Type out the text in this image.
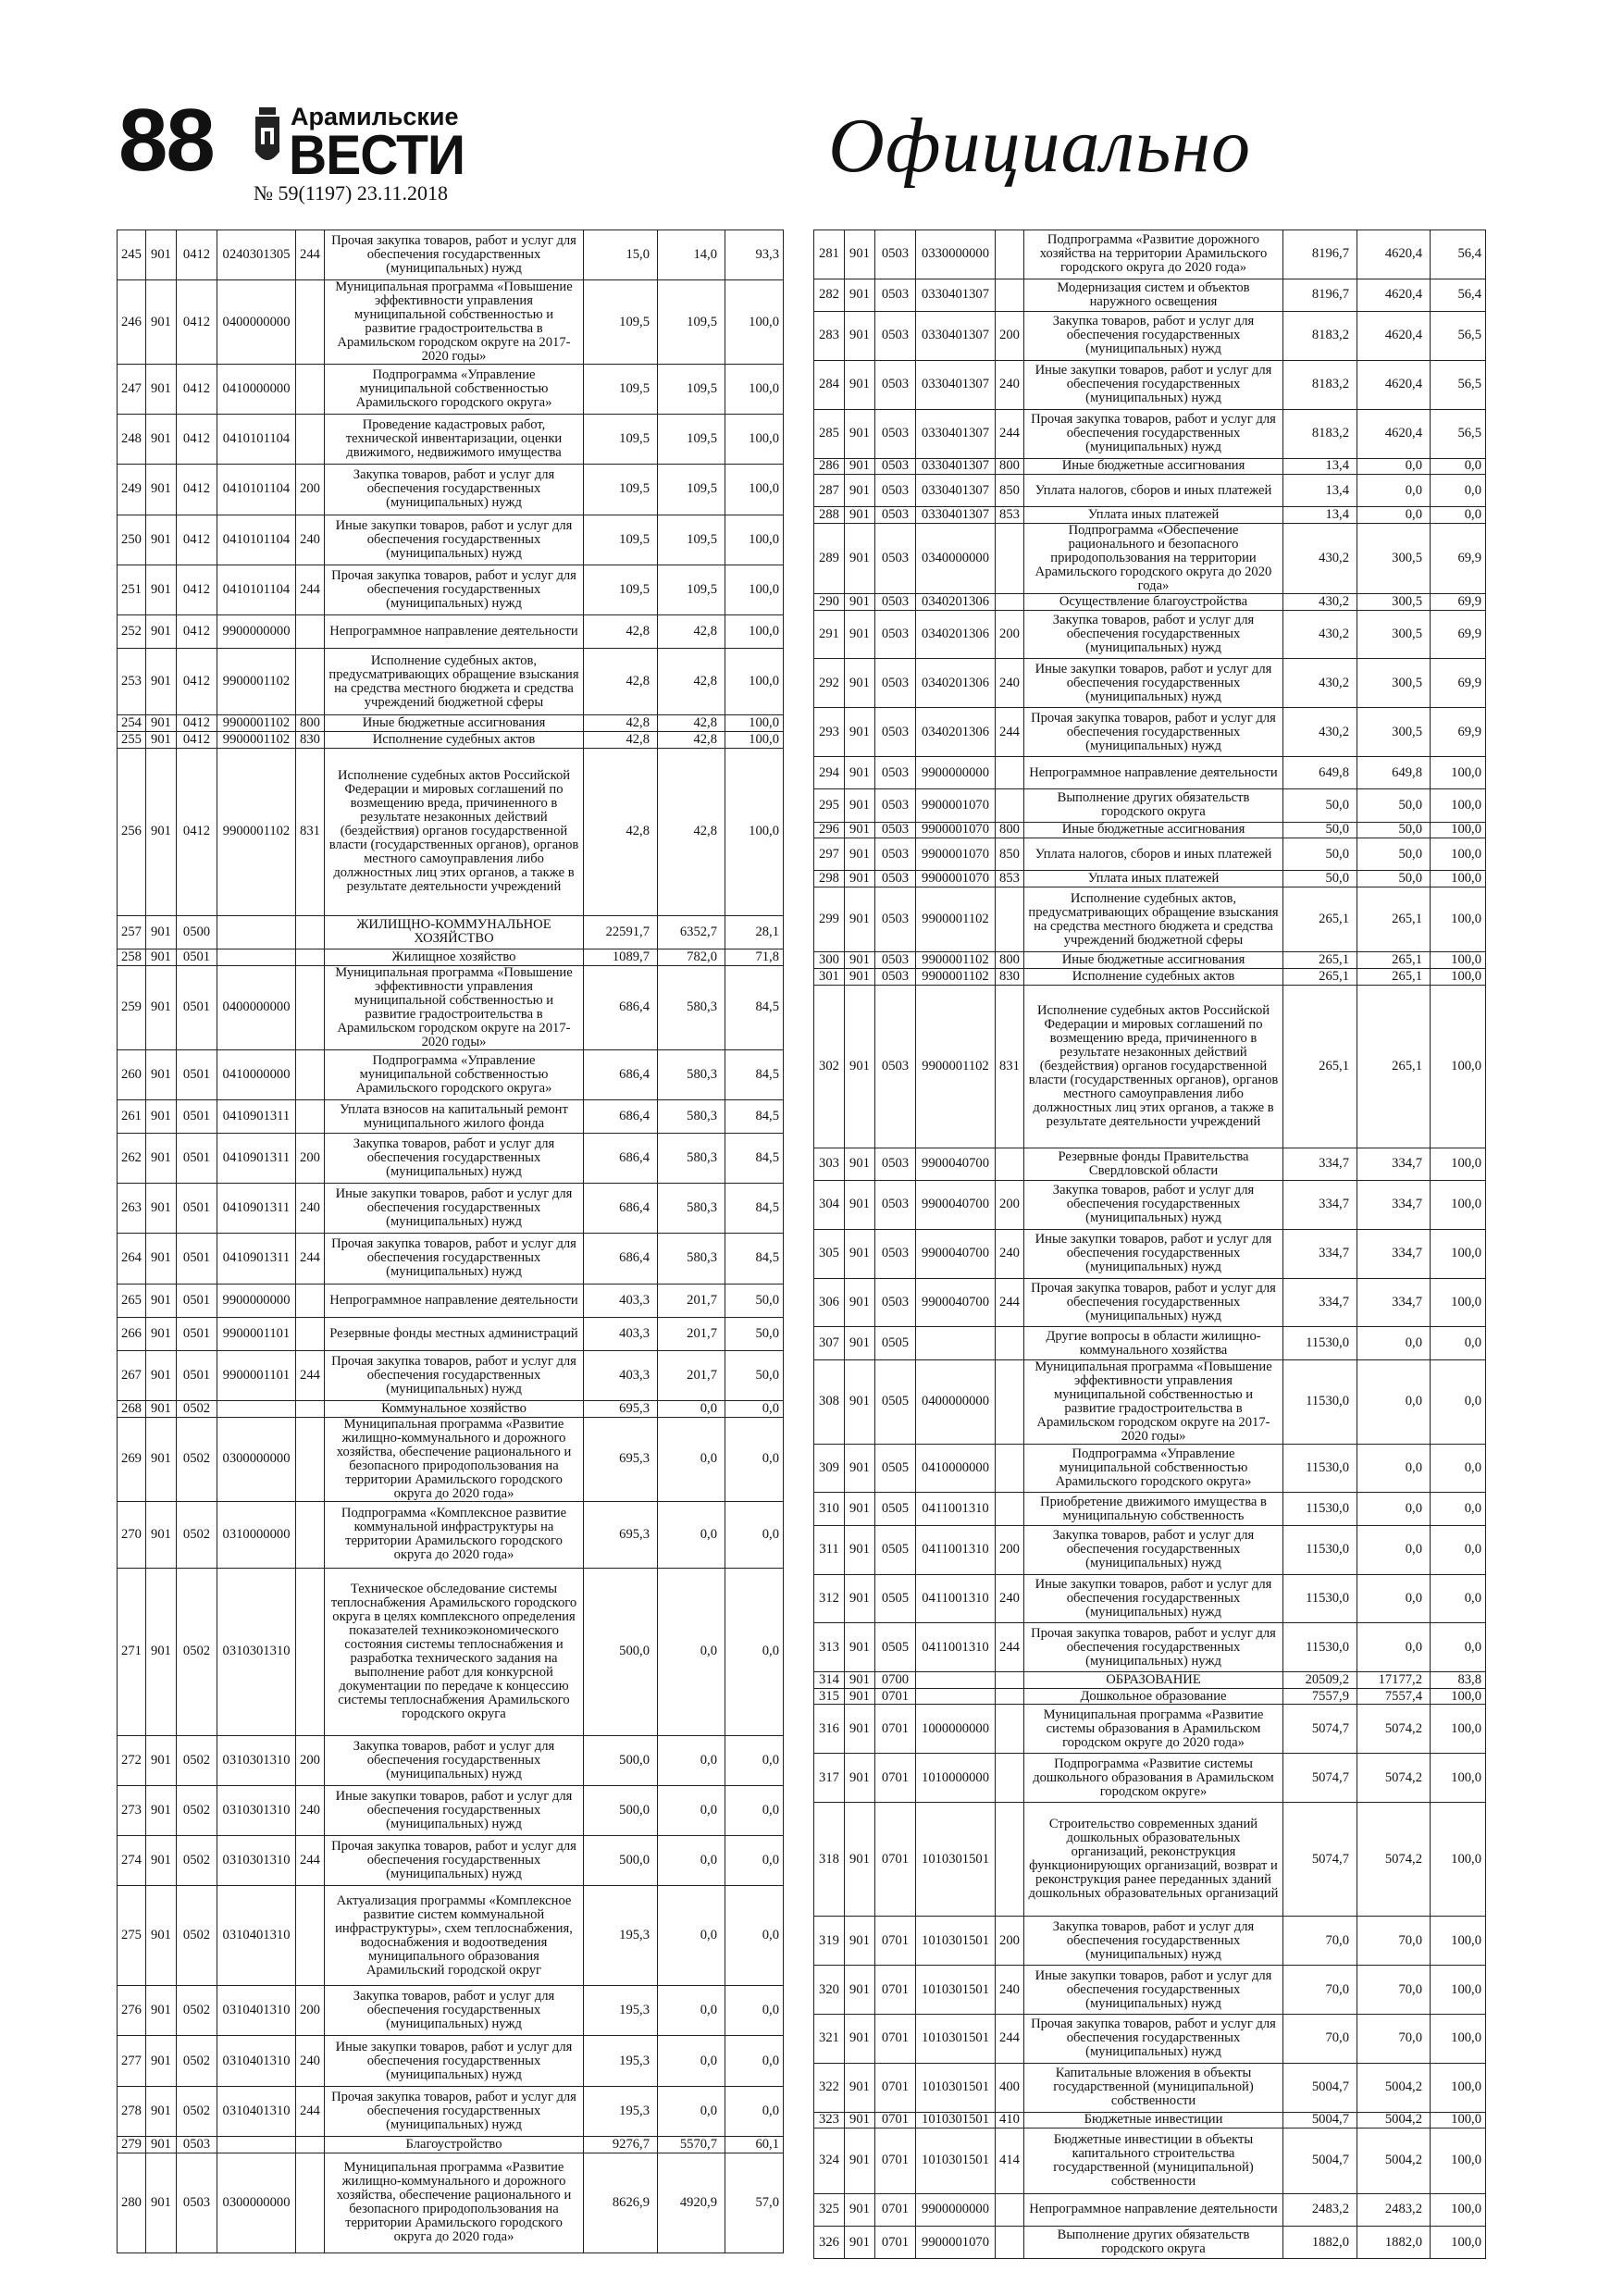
88	Арамильские
ВЕСТИ
№ 59(1197) 23.11.2018
Официально
245	901	0412	0240301305	244	Прочая закупка товаров, работ и услуг для обеспечения государственных (муниципальных) нужд	15,0	14,0	93,3
246	901	0412	0400000000		Муниципальная программа «Повышение эффективности управления муниципальной собственностью и развитие градостроительства в Арамильском городском округе на 2017-2020 годы»	109,5	109,5	100,0
247	901	0412	0410000000		Подпрограмма «Управление муниципальной собственностью Арамильского городского округа»	109,5	109,5	100,0
248	901	0412	0410101104		Проведение кадастровых работ, технической инвентаризации, оценки движимого, недвижимого имущества	109,5	109,5	100,0
249	901	0412	0410101104	200	Закупка товаров, работ и услуг для обеспечения государственных (муниципальных) нужд	109,5	109,5	100,0
250	901	0412	0410101104	240	Иные закупки товаров, работ и услуг для обеспечения государственных (муниципальных) нужд	109,5	109,5	100,0
251	901	0412	0410101104	244	Прочая закупка товаров, работ и услуг для обеспечения государственных (муниципальных) нужд	109,5	109,5	100,0
252	901	0412	9900000000		Непрограммное направление деятельности	42,8	42,8	100,0
253	901	0412	9900001102		Исполнение судебных актов, предусматривающих обращение взыскания на средства местного бюджета и средства учреждений бюджетной сферы	42,8	42,8	100,0
254	901	0412	9900001102	800	Иные бюджетные ассигнования	42,8	42,8	100,0
255	901	0412	9900001102	830	Исполнение судебных актов	42,8	42,8	100,0
256	901	0412	9900001102	831	Исполнение судебных актов Российской Федерации и мировых соглашений по возмещению вреда, причиненного в результате незаконных действий (бездействия) органов государственной власти (государственных органов), органов местного самоуправления либо должностных лиц этих органов, а также в результате деятельности учреждений	42,8	42,8	100,0
257	901	0500			ЖИЛИЩНО-КОММУНАЛЬНОЕ ХОЗЯЙСТВО	22591,7	6352,7	28,1
258	901	0501			Жилищное хозяйство	1089,7	782,0	71,8
259	901	0501	0400000000		Муниципальная программа «Повышение эффективности управления муниципальной собственностью и развитие градостроительства в Арамильском городском округе на 2017-2020 годы»	686,4	580,3	84,5
260	901	0501	0410000000		Подпрограмма «Управление муниципальной собственностью Арамильского городского округа»	686,4	580,3	84,5
261	901	0501	0410901311		Уплата взносов на капитальный ремонт муниципального жилого фонда	686,4	580,3	84,5
262	901	0501	0410901311	200	Закупка товаров, работ и услуг для обеспечения государственных (муниципальных) нужд	686,4	580,3	84,5
263	901	0501	0410901311	240	Иные закупки товаров, работ и услуг для обеспечения государственных (муниципальных) нужд	686,4	580,3	84,5
264	901	0501	0410901311	244	Прочая закупка товаров, работ и услуг для обеспечения государственных (муниципальных) нужд	686,4	580,3	84,5
265	901	0501	9900000000		Непрограммное направление деятельности	403,3	201,7	50,0
266	901	0501	9900001101		Резервные фонды местных администраций	403,3	201,7	50,0
267	901	0501	9900001101	244	Прочая закупка товаров, работ и услуг для обеспечения государственных (муниципальных) нужд	403,3	201,7	50,0
268	901	0502			Коммунальное хозяйство	695,3	0,0	0,0
269	901	0502	0300000000		Муниципальная программа «Развитие жилищно-коммунального и дорожного хозяйства, обеспечение рационального и безопасного природопользования на территории Арамильского городского округа до 2020 года»	695,3	0,0	0,0
270	901	0502	0310000000		Подпрограмма «Комплексное развитие коммунальной инфраструктуры на территории Арамильского городского округа до 2020 года»	695,3	0,0	0,0
271	901	0502	0310301310		Техническое обследование системы теплоснабжения Арамильского городского округа в целях комплексного определения показателей техникоэкономического состояния системы теплоснабжения и разработка технического задания на выполнение работ для конкурсной документации по передаче к концессию системы теплоснабжения Арамильского городского округа	500,0	0,0	0,0
272	901	0502	0310301310	200	Закупка товаров, работ и услуг для обеспечения государственных (муниципальных) нужд	500,0	0,0	0,0
273	901	0502	0310301310	240	Иные закупки товаров, работ и услуг для обеспечения государственных (муниципальных) нужд	500,0	0,0	0,0
274	901	0502	0310301310	244	Прочая закупка товаров, работ и услуг для обеспечения государственных (муниципальных) нужд	500,0	0,0	0,0
275	901	0502	0310401310		Актуализация программы «Комплексное развитие систем коммунальной инфраструктуры», схем теплоснабжения, водоснабжения и водоотведения муниципального образования Арамильский городской округ	195,3	0,0	0,0
276	901	0502	0310401310	200	Закупка товаров, работ и услуг для обеспечения государственных (муниципальных) нужд	195,3	0,0	0,0
277	901	0502	0310401310	240	Иные закупки товаров, работ и услуг для обеспечения государственных (муниципальных) нужд	195,3	0,0	0,0
278	901	0502	0310401310	244	Прочая закупка товаров, работ и услуг для обеспечения государственных (муниципальных) нужд	195,3	0,0	0,0
279	901	0503			Благоустройство	9276,7	5570,7	60,1
280	901	0503	0300000000		Муниципальная программа «Развитие жилищно-коммунального и дорожного хозяйства, обеспечение рационального и безопасного природопользования на территории Арамильского городского округа до 2020 года»	8626,9	4920,9	57,0
281	901	0503	0330000000		Подпрограмма «Развитие дорожного хозяйства на территории Арамильского городского округа до 2020 года»	8196,7	4620,4	56,4
282	901	0503	0330401307		Модернизация систем и объектов наружного освещения	8196,7	4620,4	56,4
283	901	0503	0330401307	200	Закупка товаров, работ и услуг для обеспечения государственных (муниципальных) нужд	8183,2	4620,4	56,5
284	901	0503	0330401307	240	Иные закупки товаров, работ и услуг для обеспечения государственных (муниципальных) нужд	8183,2	4620,4	56,5
285	901	0503	0330401307	244	Прочая закупка товаров, работ и услуг для обеспечения государственных (муниципальных) нужд	8183,2	4620,4	56,5
286	901	0503	0330401307	800	Иные бюджетные ассигнования	13,4	0,0	0,0
287	901	0503	0330401307	850	Уплата налогов, сборов и иных платежей	13,4	0,0	0,0
288	901	0503	0330401307	853	Уплата иных платежей	13,4	0,0	0,0
289	901	0503	0340000000		Подпрограмма «Обеспечение рационального и безопасного природопользования на территории Арамильского городского округа до 2020 года»	430,2	300,5	69,9
290	901	0503	0340201306		Осуществление благоустройства	430,2	300,5	69,9
291	901	0503	0340201306	200	Закупка товаров, работ и услуг для обеспечения государственных (муниципальных) нужд	430,2	300,5	69,9
292	901	0503	0340201306	240	Иные закупки товаров, работ и услуг для обеспечения государственных (муниципальных) нужд	430,2	300,5	69,9
293	901	0503	0340201306	244	Прочая закупка товаров, работ и услуг для обеспечения государственных (муниципальных) нужд	430,2	300,5	69,9
294	901	0503	9900000000		Непрограммное направление деятельности	649,8	649,8	100,0
295	901	0503	9900001070		Выполнение других обязательств городского округа	50,0	50,0	100,0
296	901	0503	9900001070	800	Иные бюджетные ассигнования	50,0	50,0	100,0
297	901	0503	9900001070	850	Уплата налогов, сборов и иных платежей	50,0	50,0	100,0
298	901	0503	9900001070	853	Уплата иных платежей	50,0	50,0	100,0
299	901	0503	9900001102		Исполнение судебных актов, предусматривающих обращение взыскания на средства местного бюджета и средства учреждений бюджетной сферы	265,1	265,1	100,0
300	901	0503	9900001102	800	Иные бюджетные ассигнования	265,1	265,1	100,0
301	901	0503	9900001102	830	Исполнение судебных актов	265,1	265,1	100,0
302	901	0503	9900001102	831	Исполнение судебных актов Российской Федерации и мировых соглашений по возмещению вреда, причиненного в результате незаконных действий (бездействия) органов государственной власти (государственных органов), органов местного самоуправления либо должностных лиц этих органов, а также в результате деятельности учреждений	265,1	265,1	100,0
303	901	0503	9900040700		Резервные фонды Правительства Свердловской области	334,7	334,7	100,0
304	901	0503	9900040700	200	Закупка товаров, работ и услуг для обеспечения государственных (муниципальных) нужд	334,7	334,7	100,0
305	901	0503	9900040700	240	Иные закупки товаров, работ и услуг для обеспечения государственных (муниципальных) нужд	334,7	334,7	100,0
306	901	0503	9900040700	244	Прочая закупка товаров, работ и услуг для обеспечения государственных (муниципальных) нужд	334,7	334,7	100,0
307	901	0505			Другие вопросы в области жилищно-коммунального хозяйства	11530,0	0,0	0,0
308	901	0505	0400000000		Муниципальная программа «Повышение эффективности управления муниципальной собственностью и развитие градостроительства в Арамильском городском округе на 2017-2020 годы»	11530,0	0,0	0,0
309	901	0505	0410000000		Подпрограмма «Управление муниципальной собственностью Арамильского городского округа»	11530,0	0,0	0,0
310	901	0505	0411001310		Приобретение движимого имущества в муниципальную собственность	11530,0	0,0	0,0
311	901	0505	0411001310	200	Закупка товаров, работ и услуг для обеспечения государственных (муниципальных) нужд	11530,0	0,0	0,0
312	901	0505	0411001310	240	Иные закупки товаров, работ и услуг для обеспечения государственных (муниципальных) нужд	11530,0	0,0	0,0
313	901	0505	0411001310	244	Прочая закупка товаров, работ и услуг для обеспечения государственных (муниципальных) нужд	11530,0	0,0	0,0
314	901	0700			ОБРАЗОВАНИЕ	20509,2	17177,2	83,8
315	901	0701			Дошкольное образование	7557,9	7557,4	100,0
316	901	0701	1000000000		Муниципальная программа «Развитие системы образования в Арамильском городском округе до 2020 года»	5074,7	5074,2	100,0
317	901	0701	1010000000		Подпрограмма «Развитие системы дошкольного образования в Арамильском городском округе»	5074,7	5074,2	100,0
318	901	0701	1010301501		Строительство современных зданий дошкольных образовательных организаций, реконструкция функционирующих организаций, возврат и реконструкция ранее переданных зданий дошкольных образовательных организаций	5074,7	5074,2	100,0
319	901	0701	1010301501	200	Закупка товаров, работ и услуг для обеспечения государственных (муниципальных) нужд	70,0	70,0	100,0
320	901	0701	1010301501	240	Иные закупки товаров, работ и услуг для обеспечения государственных (муниципальных) нужд	70,0	70,0	100,0
321	901	0701	1010301501	244	Прочая закупка товаров, работ и услуг для обеспечения государственных (муниципальных) нужд	70,0	70,0	100,0
322	901	0701	1010301501	400	Капитальные вложения в объекты государственной (муниципальной) собственности	5004,7	5004,2	100,0
323	901	0701	1010301501	410	Бюджетные инвестиции	5004,7	5004,2	100,0
324	901	0701	1010301501	414	Бюджетные инвестиции в объекты капитального строительства государственной (муниципальной) собственности	5004,7	5004,2	100,0
325	901	0701	9900000000		Непрограммное направление деятельности	2483,2	2483,2	100,0
326	901	0701	9900001070		Выполнение других обязательств городского округа	1882,0	1882,0	100,0
